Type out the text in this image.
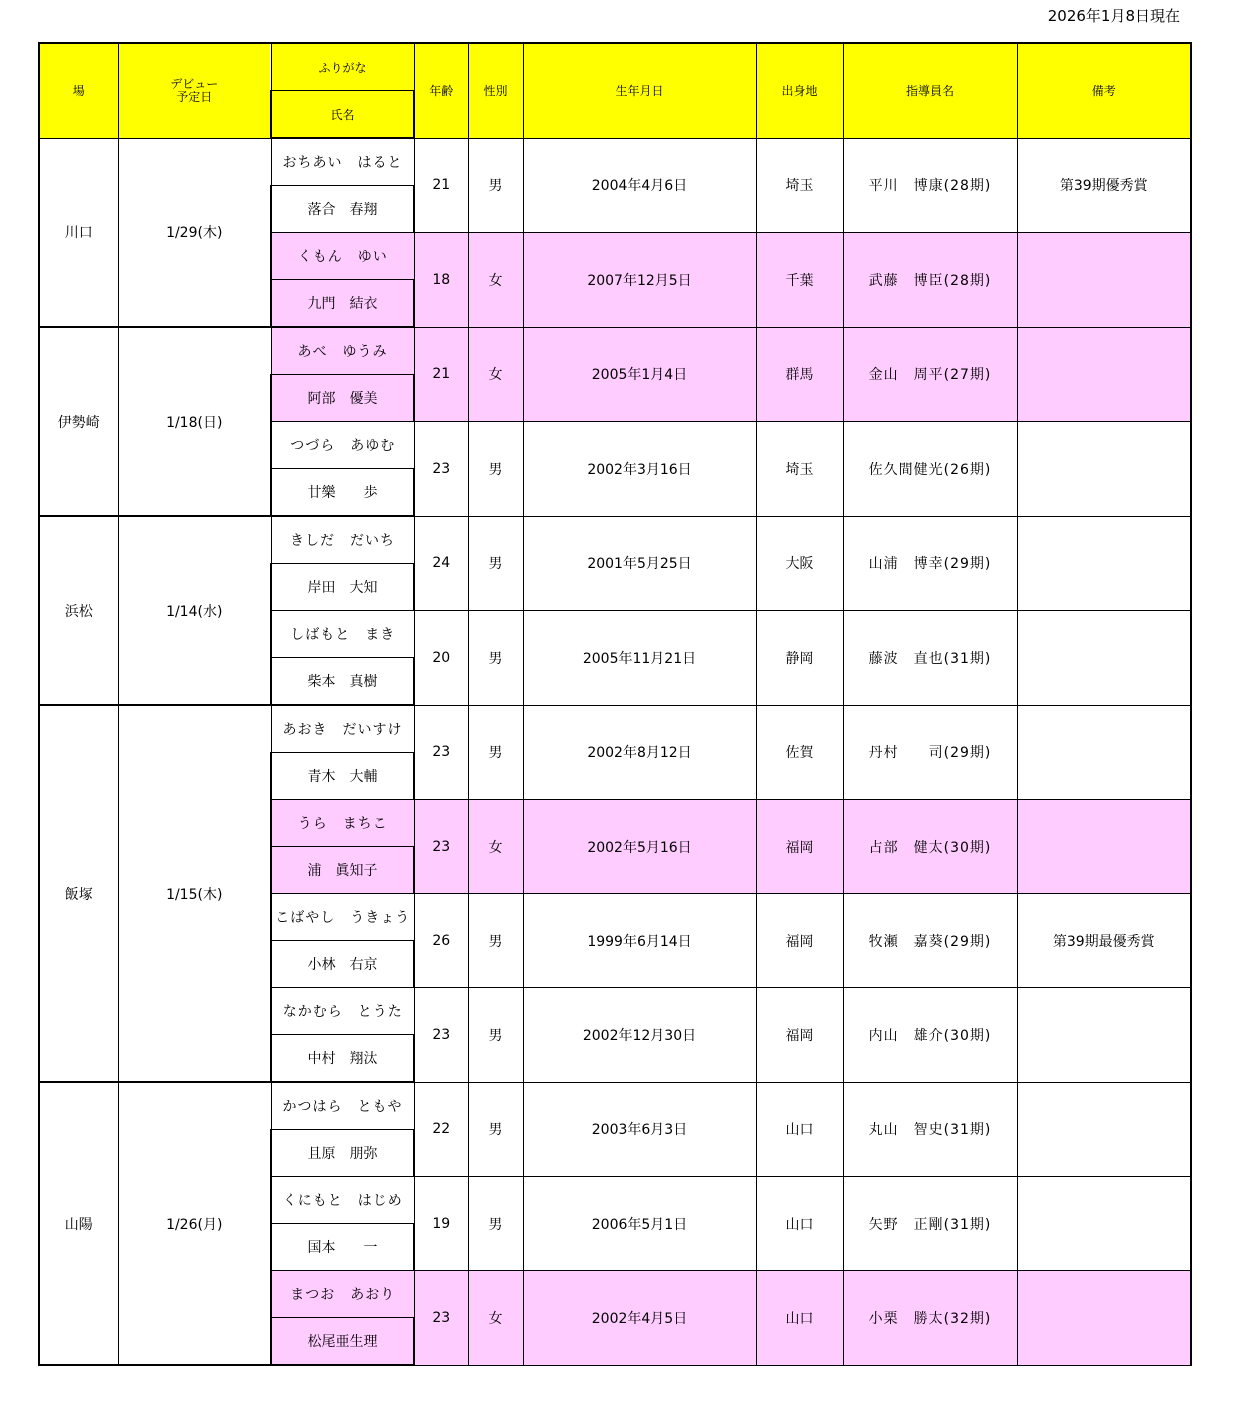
2026年1月8日現在
場	デビュー
予定日	ふりがな	年齢	性別	生年月日	出身地	指導員名	備考
		氏名						
川口	1/29(木)	おちあい　はると	21	男	2004年4月6日	埼玉	平川　博康(28期)	第39期優秀賞
		落合　春翔						
		くもん　ゆい	18	女	2007年12月5日	千葉	武藤　博臣(28期)	
		九門　結衣						
伊勢崎	1/18(日)	あべ　ゆうみ	21	女	2005年1月4日	群馬	金山　周平(27期)	
		阿部　優美						
		つづら　あゆむ	23	男	2002年3月16日	埼玉	佐久間健光(26期)	
		廿樂　　歩						
浜松	1/14(水)	きしだ　だいち	24	男	2001年5月25日	大阪	山浦　博幸(29期)	
		岸田　大知						
		しばもと　まき	20	男	2005年11月21日	静岡	藤波　直也(31期)	
		柴本　真樹						
飯塚	1/15(木)	あおき　だいすけ	23	男	2002年8月12日	佐賀	丹村　　司(29期)	
		青木　大輔						
		うら　まちこ	23	女	2002年5月16日	福岡	占部　健太(30期)	
		浦　眞知子						
		こばやし　うきょう	26	男	1999年6月14日	福岡	牧瀬　嘉葵(29期)	第39期最優秀賞
		小林　右京						
		なかむら　とうた	23	男	2002年12月30日	福岡	内山　雄介(30期)	
		中村　翔汰						
山陽	1/26(月)	かつはら　ともや	22	男	2003年6月3日	山口	丸山　智史(31期)	
		且原　朋弥						
		くにもと　はじめ	19	男	2006年5月1日	山口	矢野　正剛(31期)	
		国本　　一						
		まつお　あおり	23	女	2002年4月5日	山口	小栗　勝太(32期)	
		松尾亜生理						
